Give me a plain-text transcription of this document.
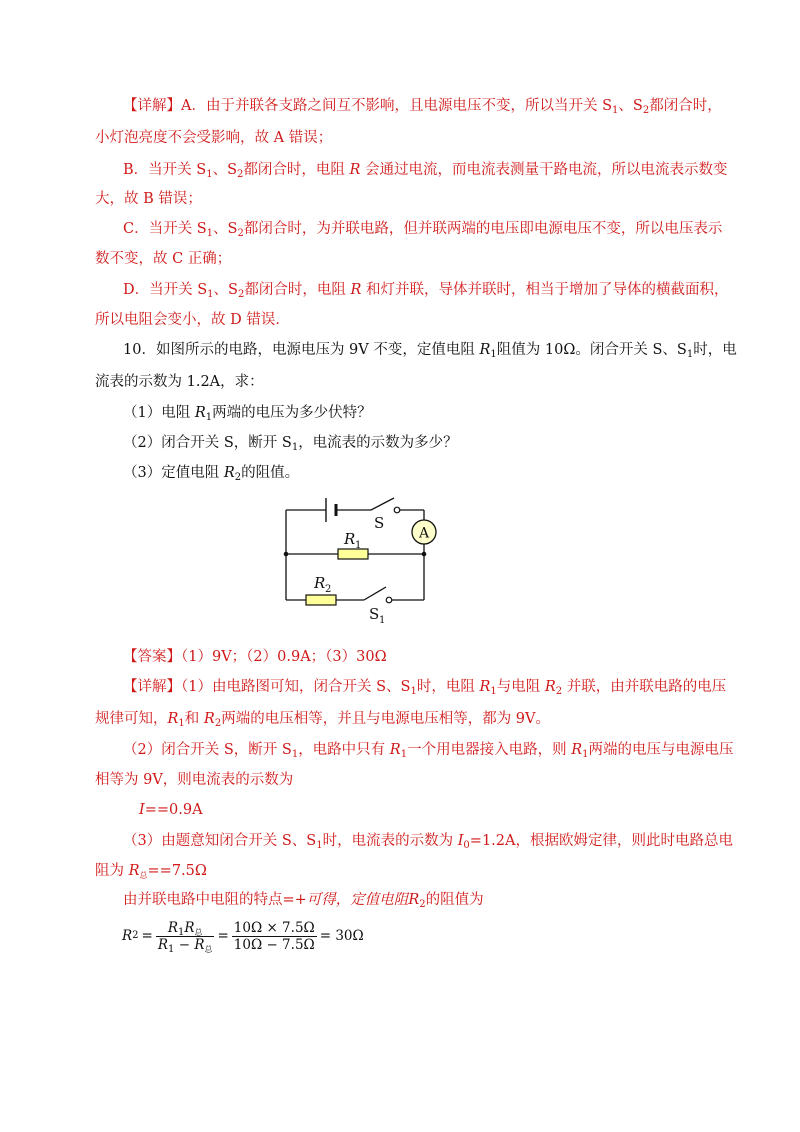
【详解】A．由于并联各支路之间互不影响，且电源电压不变，所以当开关 $S_1$、$S_2$都闭合时，
小灯泡亮度不会受影响，故 A 错误；
B．当开关 $S_1$、$S_2$都闭合时，电阻 R 会通过电流，而电流表测量干路电流，所以电流表示数变
大，故 B 错误；
C．当开关 $S_1$、$S_2$都闭合时，为并联电路，但并联两端的电压即电源电压不变，所以电压表示
数不变，故 C 正确；
D．当开关 $S_1$、$S_2$都闭合时，电阻 R 和灯并联，导体并联时，相当于增加了导体的横截面积，
所以电阻会变小，故 D 错误．
10．如图所示的电路，电源电压为 9V 不变，定值电阻 $R_1$阻值为 10Ω。闭合开关 S、$S_1$时，电
流表的示数为 1.2A，求：
（1）电阻 $R_1$两端的电压为多少伏特？
（2）闭合开关 S，断开 $S_1$，电流表的示数为多少？
（3）定值电阻 $R_2$的阻值。
A
S
R 1
R 2
S 1
【答案】（1）9V；（2）0.9A；（3）30Ω
【详解】（1）由电路图可知，闭合开关 S、$S_1$时，电阻 $R_1$与电阻 $R_2$ 并联，由并联电路的电压
规律可知，$R_1$和 $R_2$两端的电压相等，并且与电源电压相等，都为 9V。
（2）闭合开关 S，断开 $S_1$，电路中只有 $R_1$一个用电器接入电路，则 $R_1$两端的电压与电源电压
相等为 9V，则电流表的示数为
I==0.9A
（3）由题意知闭合开关 S、$S_1$时，电流表的示数为 $I_0=1.2A$，根据欧姆定律，则此时电路总电
阻为 $R_总==7.5\Omega$
由并联电路中电阻的特点=+可得，定值电阻$R_2$的阻值为
R 2 =
$R_1R_总$
$R_1 - R_总$
= $\frac{10\Omega \times 7.5\Omega}{10\Omega - 7.5\Omega} = 30\Omega$
